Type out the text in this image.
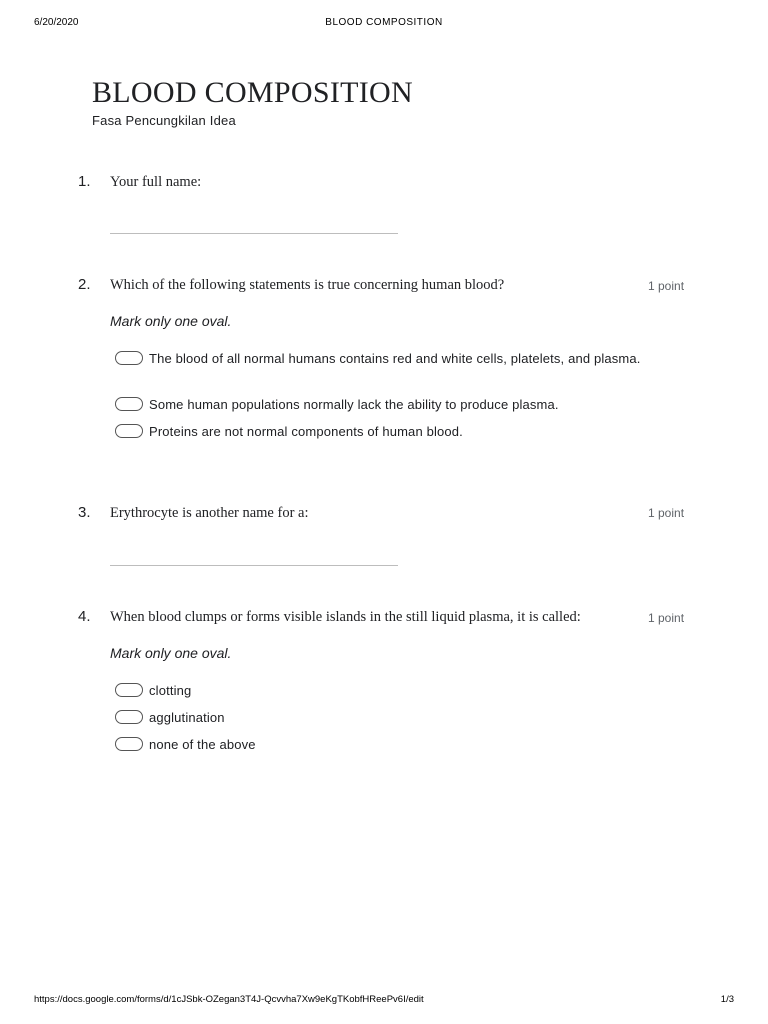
6/20/2020	BLOOD COMPOSITION
BLOOD COMPOSITION
Fasa Pencungkilan Idea
1. Your full name:
2. Which of the following statements is true concerning human blood?	1 point
Mark only one oval.
The blood of all normal humans contains red and white cells, platelets, and plasma.
Some human populations normally lack the ability to produce plasma.
Proteins are not normal components of human blood.
3. Erythrocyte is another name for a:	1 point
4. When blood clumps or forms visible islands in the still liquid plasma, it is called:	1 point
Mark only one oval.
clotting
agglutination
none of the above
https://docs.google.com/forms/d/1cJSbk-OZegan3T4J-Qcvvha7Xw9eKgTKobfHReePv6I/edit	1/3
